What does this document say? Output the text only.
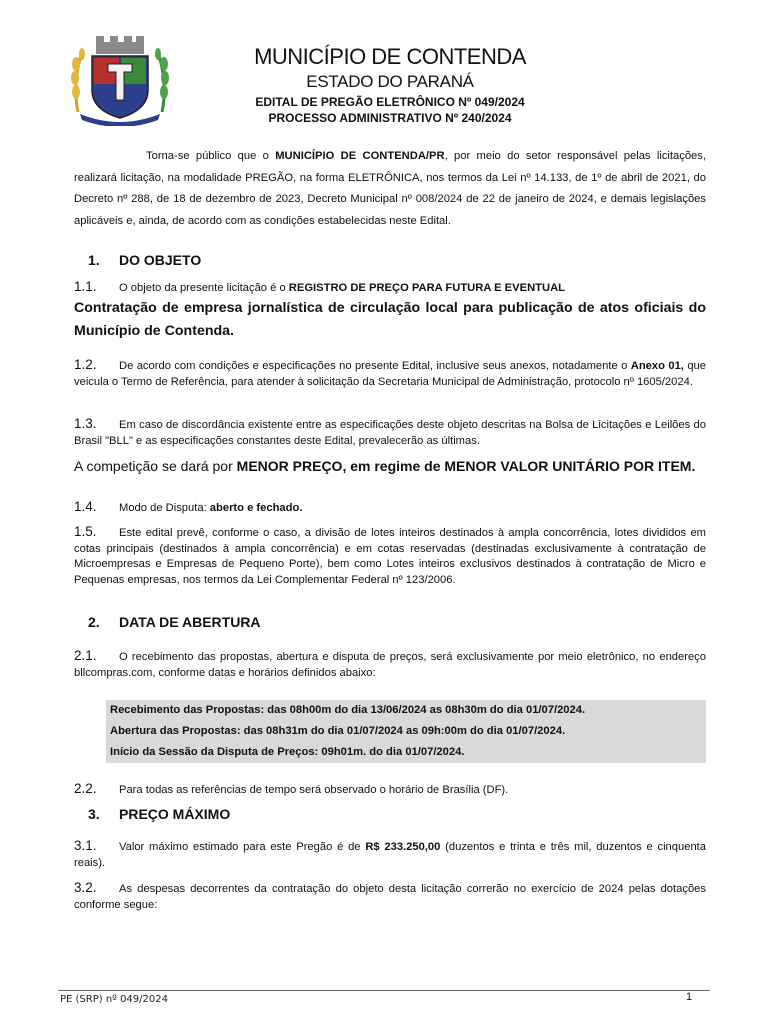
MUNICÍPIO DE CONTENDA
ESTADO DO PARANÁ
EDITAL DE PREGÃO ELETRÔNICO Nº 049/2024
PROCESSO ADMINISTRATIVO Nº 240/2024
Torna-se público que o MUNICÍPIO DE CONTENDA/PR, por meio do setor responsável pelas licitações, realizará licitação, na modalidade PREGÃO, na forma ELETRÔNICA, nos termos da Lei nº 14.133, de 1º de abril de 2021, do Decreto nº 288, de 18 de dezembro de 2023, Decreto Municipal nº 008/2024 de 22 de janeiro de 2024, e demais legislações aplicáveis e, ainda, de acordo com as condições estabelecidas neste Edital.
1. DO OBJETO
1.1. O objeto da presente licitação é o REGISTRO DE PREÇO PARA FUTURA E EVENTUAL
Contratação de empresa jornalística de circulação local para publicação de atos oficiais do Município de Contenda.
1.2. De acordo com condições e especificações no presente Edital, inclusive seus anexos, notadamente o Anexo 01, que veicula o Termo de Referência, para atender à solicitação da Secretaria Municipal de Administração, protocolo nº 1605/2024.
1.3. Em caso de discordância existente entre as especificações deste objeto descritas na Bolsa de Licitações e Leilões do Brasil "BLL" e as especificações constantes deste Edital, prevalecerão as últimas.
A competição se dará por MENOR PREÇO, em regime de MENOR VALOR UNITÁRIO POR ITEM.
1.4. Modo de Disputa: aberto e fechado.
1.5. Este edital prevê, conforme o caso, a divisão de lotes inteiros destinados à ampla concorrência, lotes divididos em cotas principais (destinados à ampla concorrência) e em cotas reservadas (destinadas exclusivamente à contratação de Microempresas e Empresas de Pequeno Porte), bem como Lotes inteiros exclusivos destinados à contratação de Micro e Pequenas empresas, nos termos da Lei Complementar Federal nº 123/2006.
2. DATA DE ABERTURA
2.1. O recebimento das propostas, abertura e disputa de preços, será exclusivamente por meio eletrônico, no endereço bllcompras.com, conforme datas e horários definidos abaixo:
Recebimento das Propostas: das 08h00m do dia 13/06/2024 as 08h30m do dia 01/07/2024.
Abertura das Propostas: das 08h31m do dia 01/07/2024 as 09h:00m do dia 01/07/2024.
Início da Sessão da Disputa de Preços: 09h01m. do dia 01/07/2024.
2.2. Para todas as referências de tempo será observado o horário de Brasília (DF).
3. PREÇO MÁXIMO
3.1. Valor máximo estimado para este Pregão é de R$ 233.250,00 (duzentos e trinta e três mil, duzentos e cinquenta reais).
3.2. As despesas decorrentes da contratação do objeto desta licitação correrão no exercício de 2024 pelas dotações conforme segue:
PE (SRP) nº 049/2024	1
